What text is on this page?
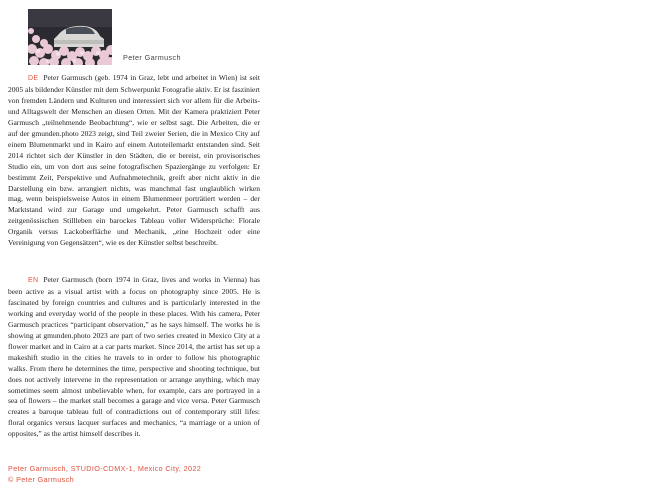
Peter Garmusch
DE Peter Garmusch (geb. 1974 in Graz, lebt und arbeitet in Wien) ist seit 2005 als bildender Künstler mit dem Schwerpunkt Fotografie aktiv. Er ist fasziniert von fremden Ländern und Kulturen und interessiert sich vor allem für die Arbeits- und Alltagswelt der Menschen an diesen Orten. Mit der Kamera praktiziert Peter Garmusch „teilnehmende Beobachtung“, wie er selbst sagt. Die Arbeiten, die er auf der gmunden.photo 2023 zeigt, sind Teil zweier Serien, die in Mexico City auf einem Blumenmarkt und in Kairo auf einem Autoteilemarkt entstanden sind. Seit 2014 richtet sich der Künstler in den Städten, die er bereist, ein provisorisches Studio ein, um von dort aus seine fotografischen Spaziergänge zu verfolgen: Er bestimmt Zeit, Perspektive und Aufnahmetechnik, greift aber nicht aktiv in die Darstellung ein bzw. arrangiert nichts, was manchmal fast unglaublich wirken mag, wenn beispielsweise Autos in einem Blumenmeer porträtiert werden – der Marktstand wird zur Garage und umgekehrt. Peter Garmusch schafft aus zeitgenössischen Stillleben ein barockes Tableau voller Widersprüche: Florale Organik versus Lackoberfläche und Mechanik, „eine Hochzeit oder eine Vereinigung von Gegensätzen“, wie es der Künstler selbst beschreibt.
EN Peter Garmusch (born 1974 in Graz, lives and works in Vienna) has been active as a visual artist with a focus on photography since 2005. He is fascinated by foreign countries and cultures and is particularly interested in the working and everyday world of the people in these places. With his camera, Peter Garmusch practices “participant observation,” as he says himself. The works he is showing at gmunden.photo 2023 are part of two series created in Mexico City at a flower market and in Cairo at a car parts market. Since 2014, the artist has set up a makeshift studio in the cities he travels to in order to follow his photographic walks. From there he determines the time, perspective and shooting technique, but does not actively intervene in the representation or arrange anything, which may sometimes seem almost unbelievable when, for example, cars are portrayed in a sea of flowers – the market stall becomes a garage and vice versa. Peter Garmusch creates a baroque tableau full of contradictions out of contemporary still lifes: floral organics versus lacquer surfaces and mechanics, “a marriage or a union of opposites,” as the artist himself describes it.
Peter Garmusch, STUDIO-CDMX-1, Mexico City, 2022
© Peter Garmusch
